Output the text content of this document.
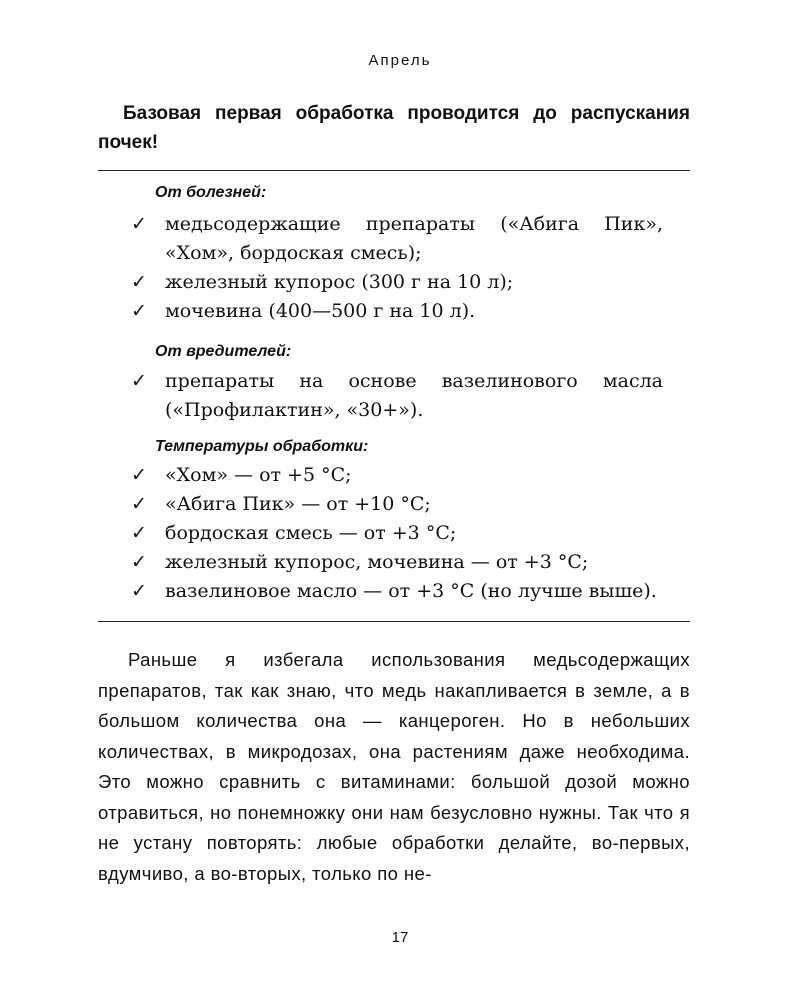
Апрель
Базовая первая обработка проводится до распускания почек!
От болезней:
✓ медьсодержащие препараты («Абига Пик», «Хом», бордоская смесь);
✓ железный купорос (300 г на 10 л);
✓ мочевина (400—500 г на 10 л).
От вредителей:
✓ препараты на основе вазелинового масла («Профилактин», «30+»).
Температуры обработки:
✓ «Хом» — от +5 °С;
✓ «Абига Пик» — от +10 °С;
✓ бордоская смесь — от +3 °С;
✓ железный купорос, мочевина — от +3 °С;
✓ вазелиновое масло — от +3 °С (но лучше выше).

Раньше я избегала использования медьсодержащих препаратов, так как знаю, что медь накапливается в земле, а в большом количества она — канцероген. Но в небольших количествах, в микродозах, она растениям даже необходима. Это можно сравнить с витаминами: большой дозой можно отравиться, но понемножку они нам безусловно нужны. Так что я не устану повторять: любые обработки делайте, во-первых, вдумчиво, а во-вторых, только по не-

17
